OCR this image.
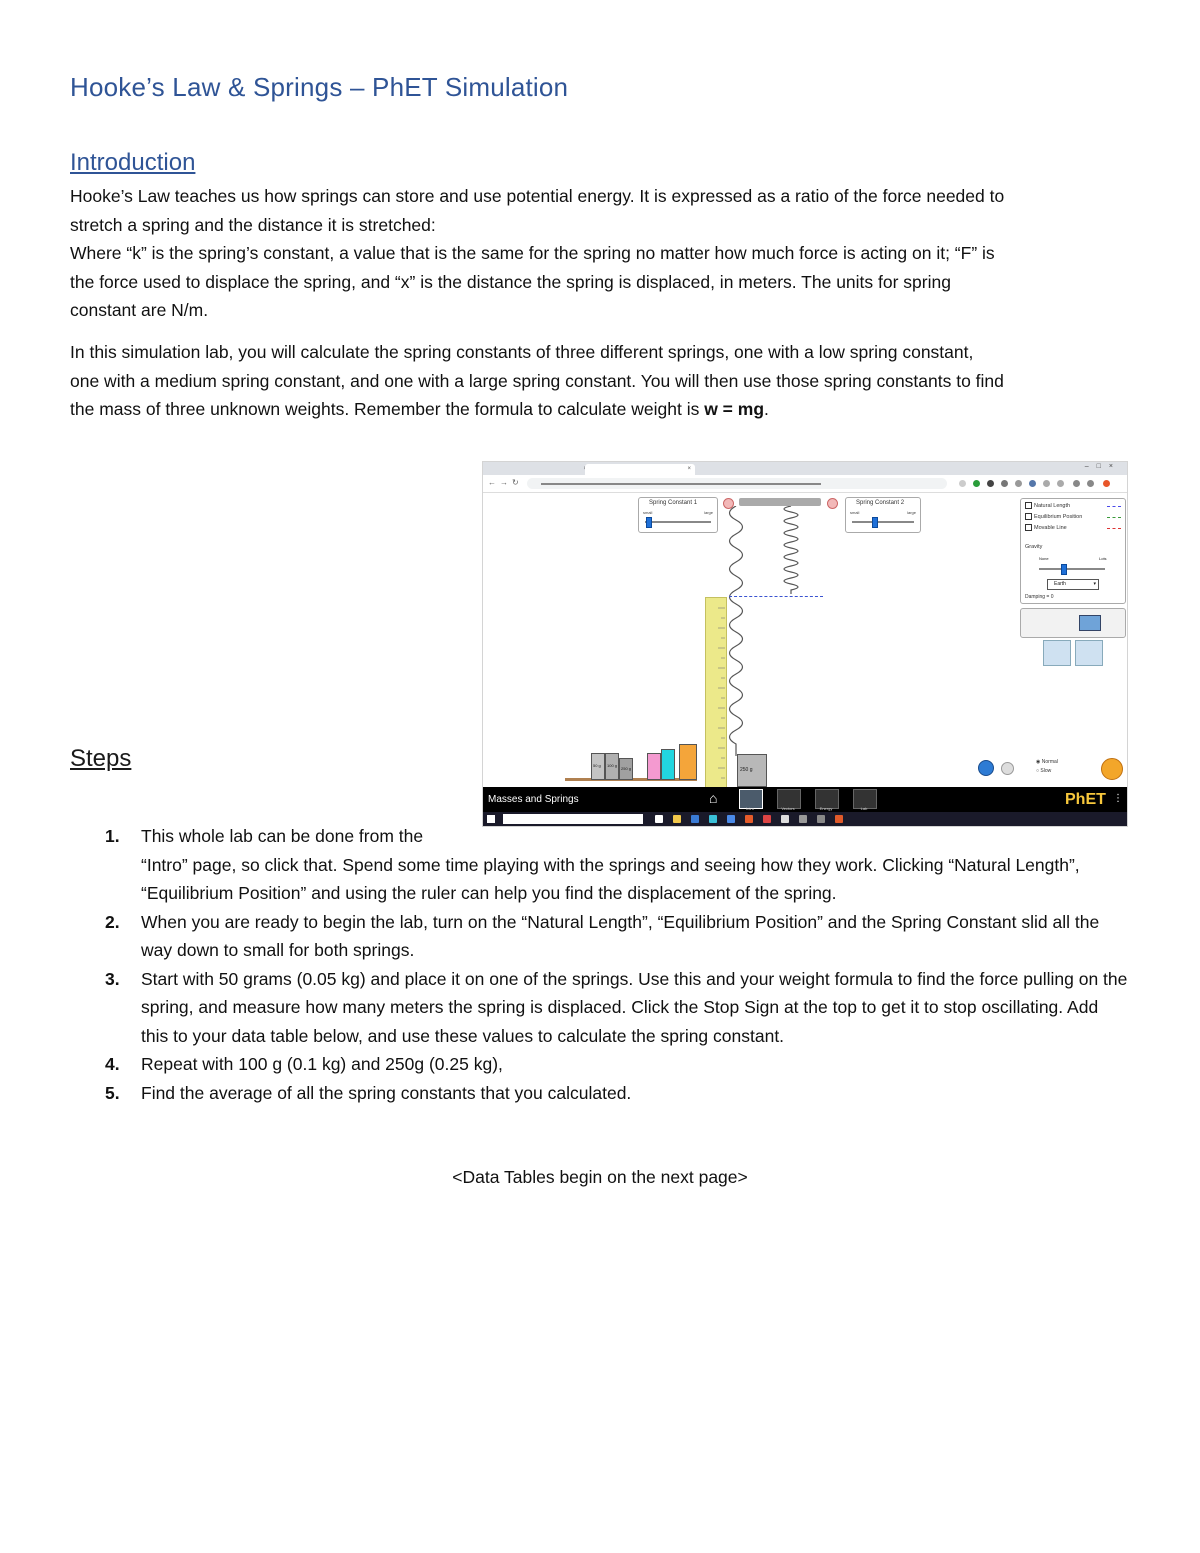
Hooke’s Law & Springs – PhET Simulation
Introduction
Hooke’s Law teaches us how springs can store and use potential energy. It is expressed as a ratio of the force needed to
stretch a spring and the distance it is stretched:
Where “k” is the spring’s constant, a value that is the same for the spring no matter how much force is acting on it; “F” is
the force used to displace the spring, and “x” is the distance the spring is displaced, in meters. The units for spring
constant are N/m.
In this simulation lab, you will calculate the spring constants of three different springs, one with a low spring constant,
one with a medium spring constant, and one with a large spring constant. You will then use those spring constants to find
the mass of three unknown weights. Remember the formula to calculate weight is w = mg.
×	–□×
← → ↻
Spring Constant 1
small	large
Spring Constant 2
small	large
250 g
50 g 100 g
250 g
Natural Length
Equilibrium Position
Movable Line
Gravity
None	Lots
Earth	▾
Damping = 0
◉ Normal
○ Slow
Masses and Springs	⌂
Intro	Vectors	Energy	Lab
PhET ⋮
Steps
1. This whole lab can be done from the
“Intro” page, so click that. Spend some time playing with the springs and seeing how they work. Clicking “Natural Length”, “Equilibrium Position” and using the ruler can help you find the displacement of the spring.
2. When you are ready to begin the lab, turn on the “Natural Length”, “Equilibrium Position” and the Spring Constant slid all the way down to small for both springs.
3. Start with 50 grams (0.05 kg) and place it on one of the springs. Use this and your weight formula to find the force pulling on the spring, and measure how many meters the spring is displaced. Click the Stop Sign at the top to get it to stop oscillating. Add this to your data table below, and use these values to calculate the spring constant.
4. Repeat with 100 g (0.1 kg) and 250g (0.25 kg),
5. Find the average of all the spring constants that you calculated.
<Data Tables begin on the next page>
